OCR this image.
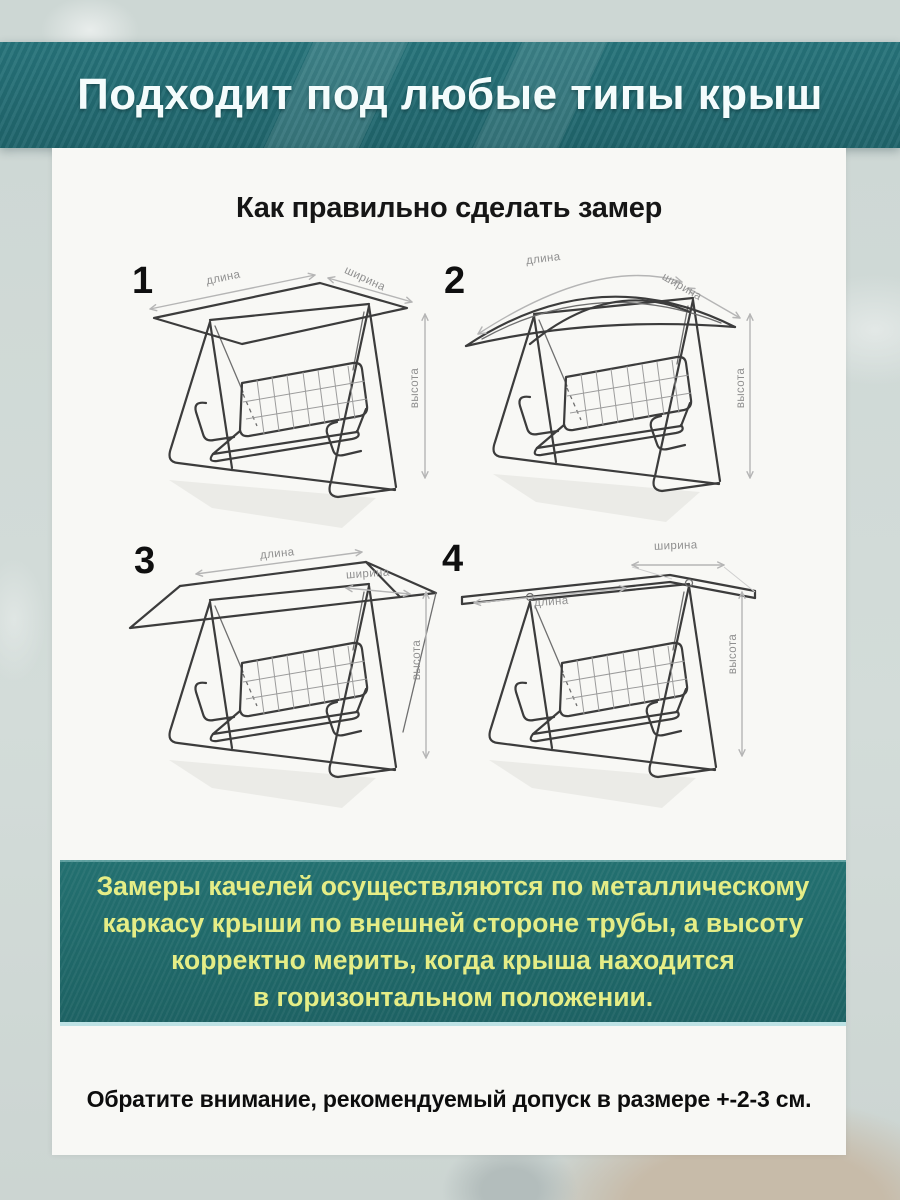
Подходит под любые типы крыш
Как правильно сделать замер
1	длина	ширина
высота
2
длина
ширина
высота
3	длина
ширина
высота
4
длина
ширина
высота
Замеры качелей осуществляются по металлическому
каркасу крыши по внешней стороне трубы, а высоту
корректно мерить, когда крыша находится
в горизонтальном положении.
Обратите внимание, рекомендуемый допуск в размере +-2-3 см.
